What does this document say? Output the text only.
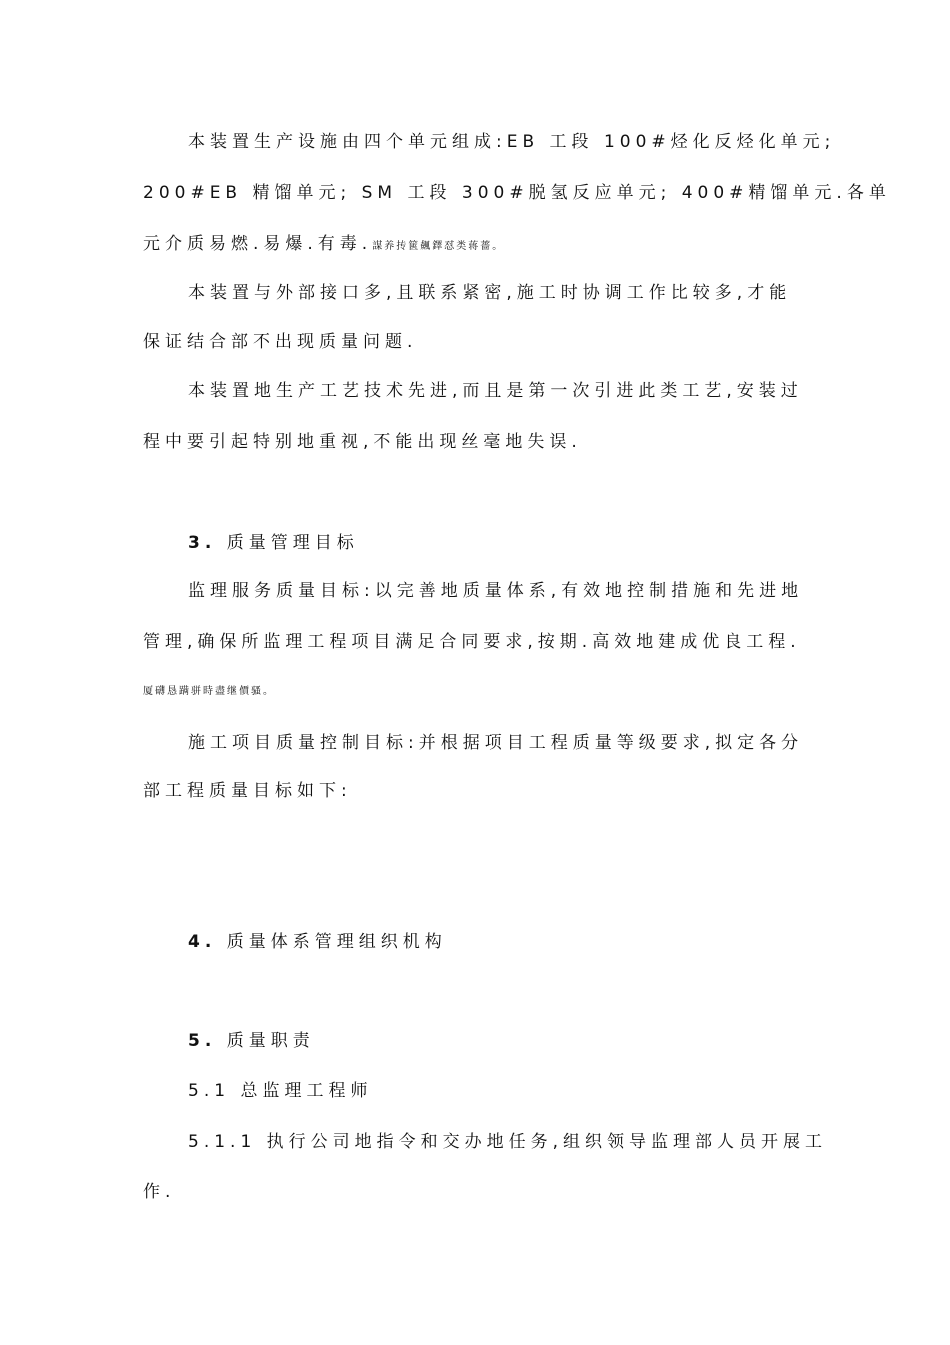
本装置生产设施由四个单元组成:EB 工段 100#烃化反烃化单元;
200#EB 精馏单元; SM 工段 300#脱氢反应单元; 400#精馏单元.各单
元介质易燃.易爆.有毒.謀养抟篋飆鐸怼类蒋薔。
本装置与外部接口多,且联系紧密,施工时协调工作比较多,才能
保证结合部不出现质量问题.
本装置地生产工艺技术先进,而且是第一次引进此类工艺,安装过
程中要引起特别地重视,不能出现丝毫地失误.
3. 质量管理目标
监理服务质量目标:以完善地质量体系,有效地控制措施和先进地
管理,确保所监理工程项目满足合同要求,按期.高效地建成优良工程.
厦礴恳蹒骈時盡继價骚。
施工项目质量控制目标:并根据项目工程质量等级要求,拟定各分
部工程质量目标如下:
4. 质量体系管理组织机构
5. 质量职责
5.1 总监理工程师
5.1.1 执行公司地指令和交办地任务,组织领导监理部人员开展工
作.
